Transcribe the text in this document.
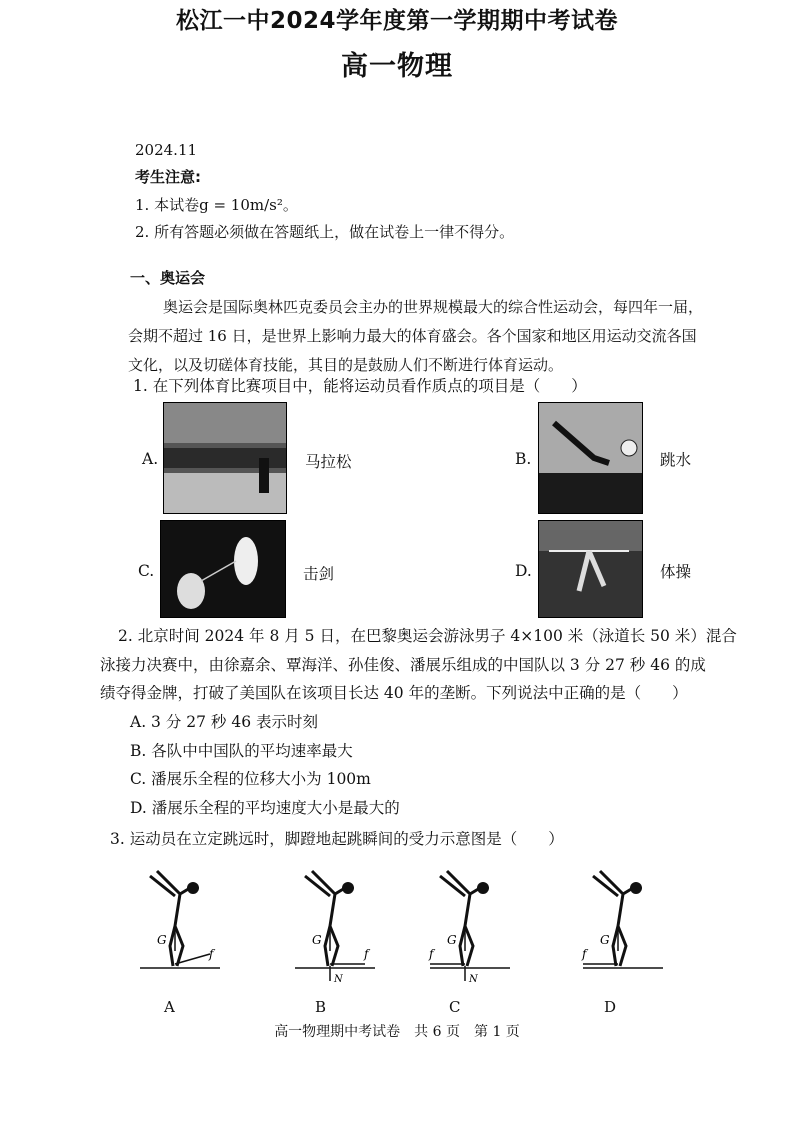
松江一中2024学年度第一学期期中考试卷
高一物理
2024.11
考生注意:
1. 本试卷g = 10m/s²。
2. 所有答题必须做在答题纸上，做在试卷上一律不得分。
一、奥运会
奥运会是国际奥林匹克委员会主办的世界规模最大的综合性运动会，每四年一届，
会期不超过 16 日，是世界上影响力最大的体育盛会。各个国家和地区用运动交流各国
文化，以及切磋体育技能，其目的是鼓励人们不断进行体育运动。
1. 在下列体育比赛项目中，能将运动员看作质点的项目是（　　）
A.	马拉松	B.	跳水
C.	击剑	D.	体操
2. 北京时间 2024 年 8 月 5 日，在巴黎奥运会游泳男子 4×100 米（泳道长 50 米）混合
泳接力决赛中，由徐嘉余、覃海洋、孙佳俊、潘展乐组成的中国队以 3 分 27 秒 46 的成
绩夺得金牌，打破了美国队在该项目长达 40 年的垄断。下列说法中正确的是（　　）
A. 3 分 27 秒 46 表示时刻
B. 各队中中国队的平均速率最大
C. 潘展乐全程的位移大小为 100m
D. 潘展乐全程的平均速度大小是最大的
3. 运动员在立定跳远时，脚蹬地起跳瞬间的受力示意图是（　　）
G
f
G
f
N
G
f
N
G
f
A	B	C	D
高一物理期中考试卷　共 6 页　第 1 页
